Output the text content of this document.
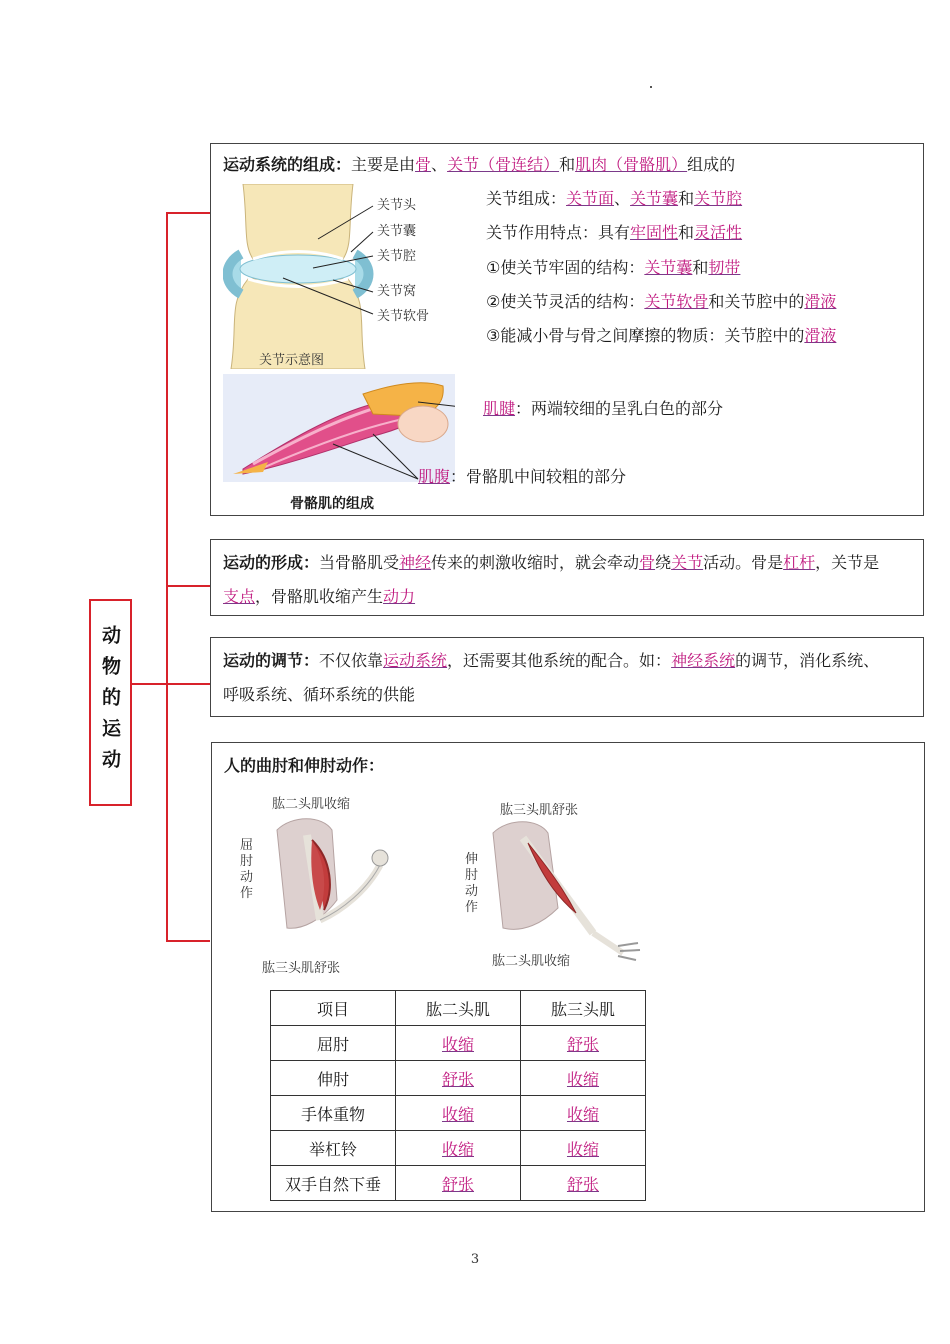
动物的运动
运动系统的组成：主要是由骨、关节（骨连结）和肌肉（骨骼肌）组成的
关节头
关节囊
关节腔
关节窝
关节软骨
关节示意图
关节组成：关节面、关节囊和关节腔
关节作用特点：具有牢固性和灵活性
①使关节牢固的结构：关节囊和韧带
②使关节灵活的结构：关节软骨和关节腔中的滑液
③能减小骨与骨之间摩擦的物质：关节腔中的滑液
肌腱：两端较细的呈乳白色的部分
肌腹：骨骼肌中间较粗的部分
骨骼肌的组成
运动的形成：当骨骼肌受神经传来的刺激收缩时，就会牵动骨绕关节活动。骨是杠杆，关节是
支点，骨骼肌收缩产生动力
运动的调节：不仅依靠运动系统，还需要其他系统的配合。如：神经系统的调节，消化系统、
呼吸系统、循环系统的供能
人的曲肘和伸肘动作：
肱二头肌收缩
肱三头肌舒张
屈肘动作
肱三头肌舒张
肱二头肌收缩
伸肘动作
项目	肱二头肌	肱三头肌
屈肘	收缩	舒张
伸肘	舒张	收缩
手体重物	收缩	收缩
举杠铃	收缩	收缩
双手自然下垂	舒张	舒张
3
